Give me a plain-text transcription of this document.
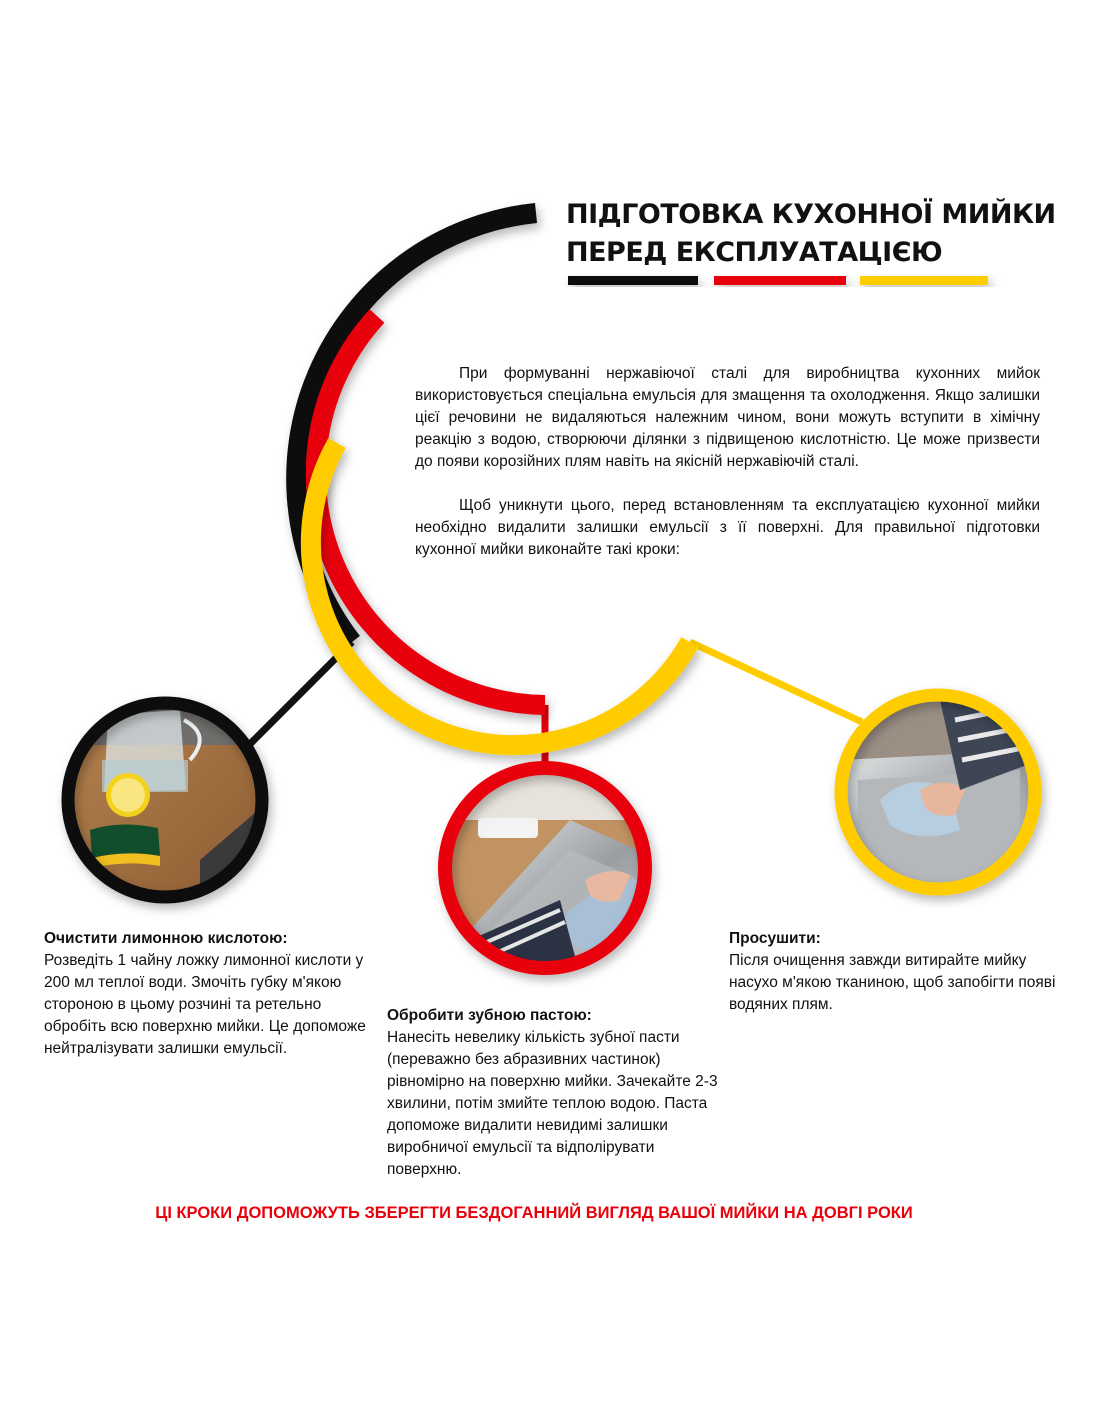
ПІДГОТОВКА КУХОННОЇ МИЙКИ
ПЕРЕД ЕКСПЛУАТАЦІЄЮ

При формуванні нержавіючої сталі для виробництва кухонних мийок використовується спеціальна емульсія для змащення та охолодження. Якщо залишки цієї речовини не видаляються належним чином, вони можуть вступити в хімічну реакцію з водою, створюючи ділянки з підвищеною кислотністю. Це може призвести до появи корозійних плям навіть на якісній нержавіючій сталі.

Щоб уникнути цього, перед встановленням та експлуатацією кухонної мийки необхідно видалити залишки емульсії з її поверхні. Для правильної підготовки кухонної мийки виконайте такі кроки:

Очистити лимонною кислотою:
Розведіть 1 чайну ложку лимонної кислоти у 200 мл теплої води. Змочіть губку м'якою стороною в цьому розчині та ретельно обробіть всю поверхню мийки. Це допоможе нейтралізувати залишки емульсії.
Обробити зубною пастою:
Нанесіть невелику кількість зубної пасти (переважно без абразивних частинок) рівномірно на поверхню мийки. Зачекайте 2-3 хвилини, потім змийте теплою водою. Паста допоможе видалити невидимі залишки виробничої емульсії та відполірувати поверхню.
Просушити:
Після очищення завжди витирайте мийку насухо м'якою тканиною, щоб запобігти появі водяних плям.
ЦІ КРОКИ ДОПОМОЖУТЬ ЗБЕРЕГТИ БЕЗДОГАННИЙ ВИГЛЯД ВАШОЇ МИЙКИ НА ДОВГІ РОКИ
